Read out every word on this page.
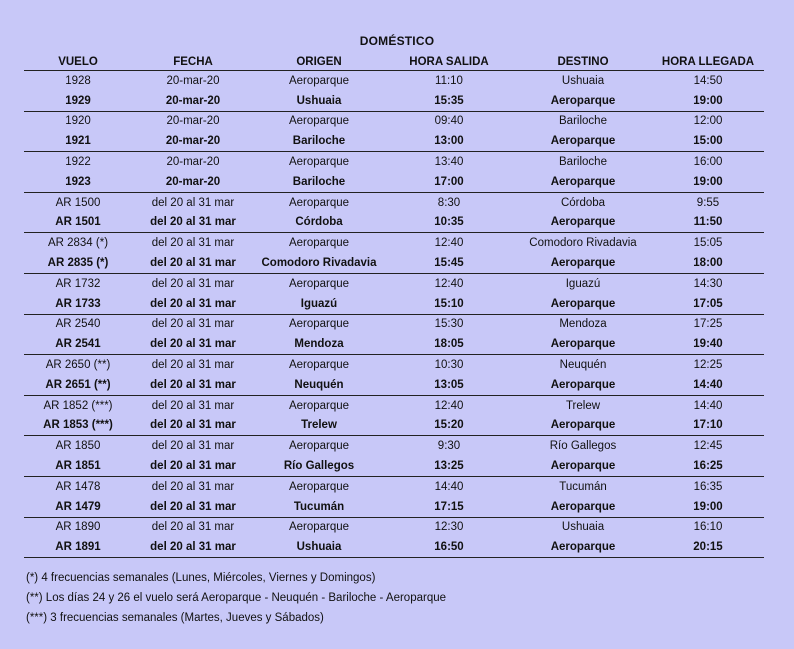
DOMÉSTICO
VUELO	FECHA	ORIGEN	HORA SALIDA	DESTINO	HORA LLEGADA
1928	20-mar-20	Aeroparque	11:10	Ushuaia	14:50
1929	20-mar-20	Ushuaia	15:35	Aeroparque	19:00
1920	20-mar-20	Aeroparque	09:40	Bariloche	12:00
1921	20-mar-20	Bariloche	13:00	Aeroparque	15:00
1922	20-mar-20	Aeroparque	13:40	Bariloche	16:00
1923	20-mar-20	Bariloche	17:00	Aeroparque	19:00
AR 1500	del 20 al 31 mar	Aeroparque	8:30	Córdoba	9:55
AR 1501	del 20 al 31 mar	Córdoba	10:35	Aeroparque	11:50
AR 2834 (*)	del 20 al 31 mar	Aeroparque	12:40	Comodoro Rivadavia	15:05
AR 2835 (*)	del 20 al 31 mar	Comodoro Rivadavia	15:45	Aeroparque	18:00
AR 1732	del 20 al 31 mar	Aeroparque	12:40	Iguazú	14:30
AR 1733	del 20 al 31 mar	Iguazú	15:10	Aeroparque	17:05
AR 2540	del 20 al 31 mar	Aeroparque	15:30	Mendoza	17:25
AR 2541	del 20 al 31 mar	Mendoza	18:05	Aeroparque	19:40
AR 2650 (**)	del 20 al 31 mar	Aeroparque	10:30	Neuquén	12:25
AR 2651 (**)	del 20 al 31 mar	Neuquén	13:05	Aeroparque	14:40
AR 1852 (***)	del 20 al 31 mar	Aeroparque	12:40	Trelew	14:40
AR 1853 (***)	del 20 al 31 mar	Trelew	15:20	Aeroparque	17:10
AR 1850	del 20 al 31 mar	Aeroparque	9:30	Río Gallegos	12:45
AR 1851	del 20 al 31 mar	Río Gallegos	13:25	Aeroparque	16:25
AR 1478	del 20 al 31 mar	Aeroparque	14:40	Tucumán	16:35
AR 1479	del 20 al 31 mar	Tucumán	17:15	Aeroparque	19:00
AR 1890	del 20 al 31 mar	Aeroparque	12:30	Ushuaia	16:10
AR 1891	del 20 al 31 mar	Ushuaia	16:50	Aeroparque	20:15
(*) 4 frecuencias semanales (Lunes, Miércoles, Viernes y Domingos)
(**) Los días 24 y 26 el vuelo será Aeroparque - Neuquén - Bariloche - Aeroparque
(***) 3 frecuencias semanales (Martes, Jueves y Sábados)
